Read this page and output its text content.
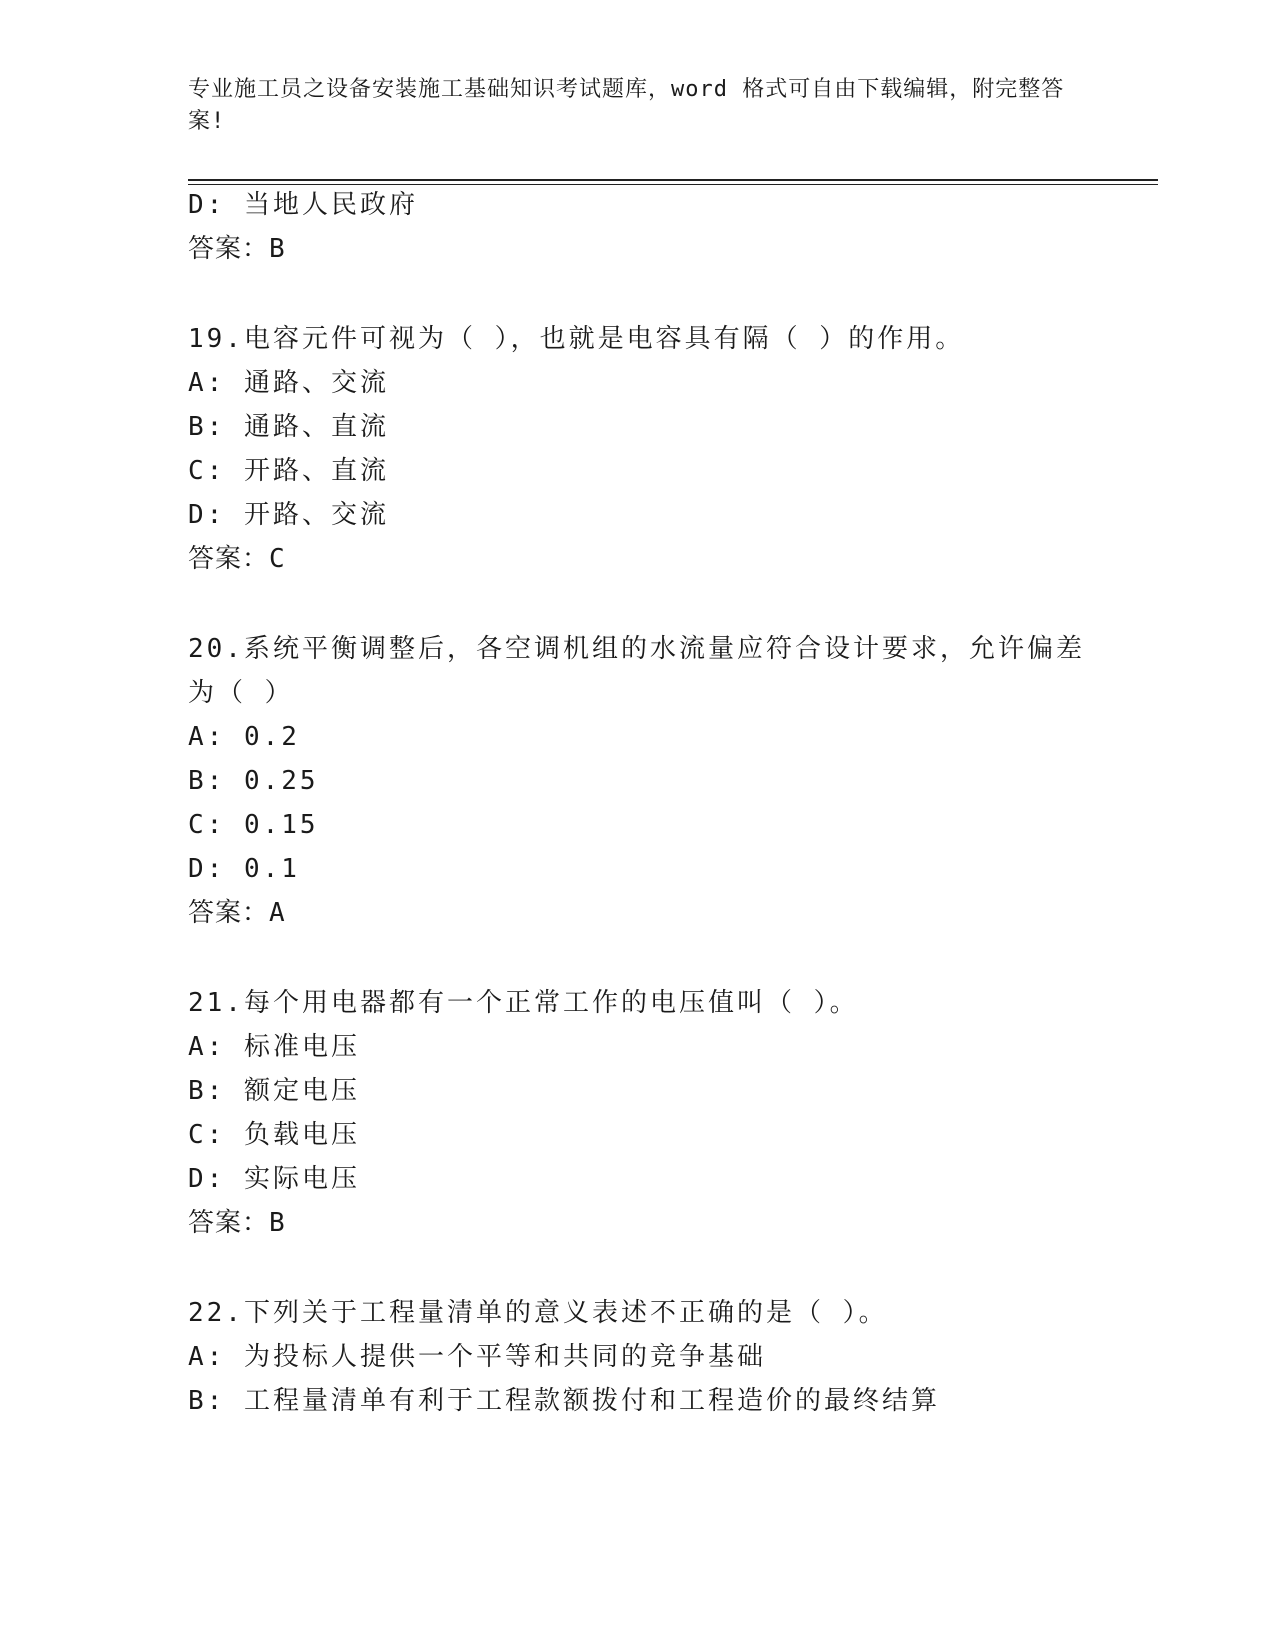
专业施工员之设备安装施工基础知识考试题库，word 格式可自由下载编辑，附完整答案!
D: 当地人民政府
答案：B
19.电容元件可视为（ ），也就是电容具有隔（ ）的作用。
A: 通路、交流
B: 通路、直流
C: 开路、直流
D: 开路、交流
答案：C
20.系统平衡调整后，各空调机组的水流量应符合设计要求，允许偏差
为（ ）
A: 0.2
B: 0.25
C: 0.15
D: 0.1
答案：A
21.每个用电器都有一个正常工作的电压值叫（ ）。
A: 标准电压
B: 额定电压
C: 负载电压
D: 实际电压
答案：B
22.下列关于工程量清单的意义表述不正确的是（ ）。
A: 为投标人提供一个平等和共同的竞争基础
B: 工程量清单有利于工程款额拨付和工程造价的最终结算
